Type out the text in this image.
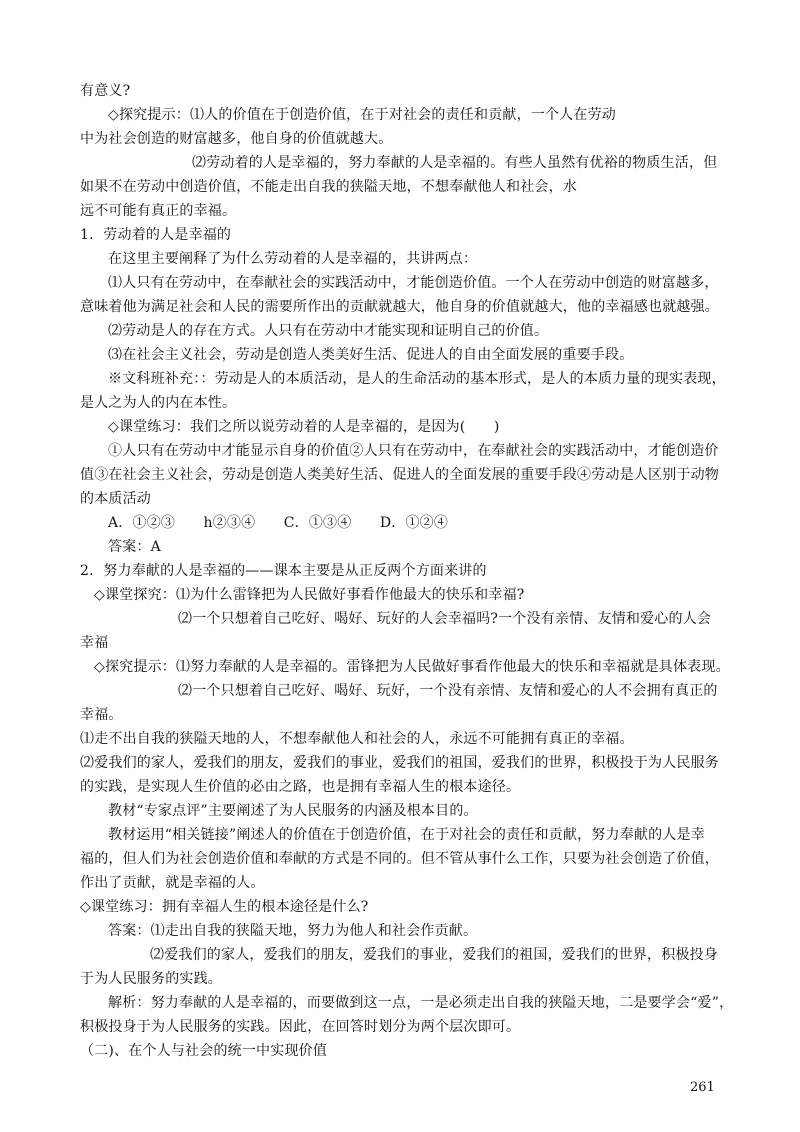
有意义?
◇探究提示：⑴人的价值在于创造价值，在于对社会的责任和贡献，一个人在劳动
中为社会创造的财富越多，他自身的价值就越大。
⑵劳动着的人是幸福的，努力奉献的人是幸福的。有些人虽然有优裕的物质生活，但
如果不在劳动中创造价值，不能走出自我的狭隘天地，不想奉献他人和社会，水
远不可能有真正的幸福。
1．劳动着的人是幸福的
在这里主要阐释了为什么劳动着的人是幸福的，共讲两点：
⑴人只有在劳动中，在奉献社会的实践活动中，才能创造价值。一个人在劳动中创造的财富越多，
意味着他为满足社会和人民的需要所作出的贡献就越大，他自身的价值就越大，他的幸福感也就越强。
⑵劳动是人的存在方式。人只有在劳动中才能实现和证明自己的价值。
⑶在社会主义社会，劳动是创造人类美好生活、促进人的自由全面发展的重要手段。
※文科班补充：：劳动是人的本质活动，是人的生命活动的基本形式，是人的本质力量的现实表现，
是人之为人的内在本性。
◇课堂练习：我们之所以说劳动着的人是幸福的，是因为(　　)
①人只有在劳动中才能显示自身的价值②人只有在劳动中，在奉献社会的实践活动中，才能创造价
值③在社会主义社会，劳动是创造人类美好生活、促进人的全面发展的重要手段④劳动是人区别于动物
的本质活动
A．①②③　　h②③④　　C．①③④　　D．①②④
答案：A
2．努力奉献的人是幸福的——课本主要是从正反两个方面来讲的
◇课堂探究：⑴为什么雷锋把为人民做好事看作他最大的快乐和幸福?
⑵一个只想着自己吃好、喝好、玩好的人会幸福吗?一个没有亲情、友情和爱心的人会
幸福
◇探究提示：⑴努力奉献的人是幸福的。雷锋把为人民做好事看作他最大的快乐和幸福就是具体表现。
⑵一个只想着自己吃好、喝好、玩好，一个没有亲情、友情和爱心的人不会拥有真正的
幸福。
⑴走不出自我的狭隘天地的人，不想奉献他人和社会的人，永远不可能拥有真正的幸福。
⑵爱我们的家人，爱我们的朋友，爱我们的事业，爱我们的祖国，爱我们的世界，积极投于为人民服务
的实践，是实现人生价值的必由之路，也是拥有幸福人生的根本途径。
教材“专家点评”主要阐述了为人民服务的内涵及根本目的。
教材运用“相关链接”阐述人的价值在于创造价值，在于对社会的责任和贡献，努力奉献的人是幸
福的，但人们为社会创造价值和奉献的方式是不同的。但不管从事什么工作，只要为社会创造了价值，
作出了贡献，就是幸福的人。
◇课堂练习：拥有幸福人生的根本途径是什么?
答案：⑴走出自我的狭隘天地，努力为他人和社会作贡献。
⑵爱我们的家人，爱我们的朋友，爱我们的事业，爱我们的祖国，爱我们的世界，积极投身
于为人民服务的实践。
解析：努力奉献的人是幸福的，而要做到这一点，一是必须走出自我的狭隘天地，二是要学会“爱”，
积极投身于为人民服务的实践。因此，在回答时划分为两个层次即可。
（二)、在个人与社会的统一中实现价值
261
